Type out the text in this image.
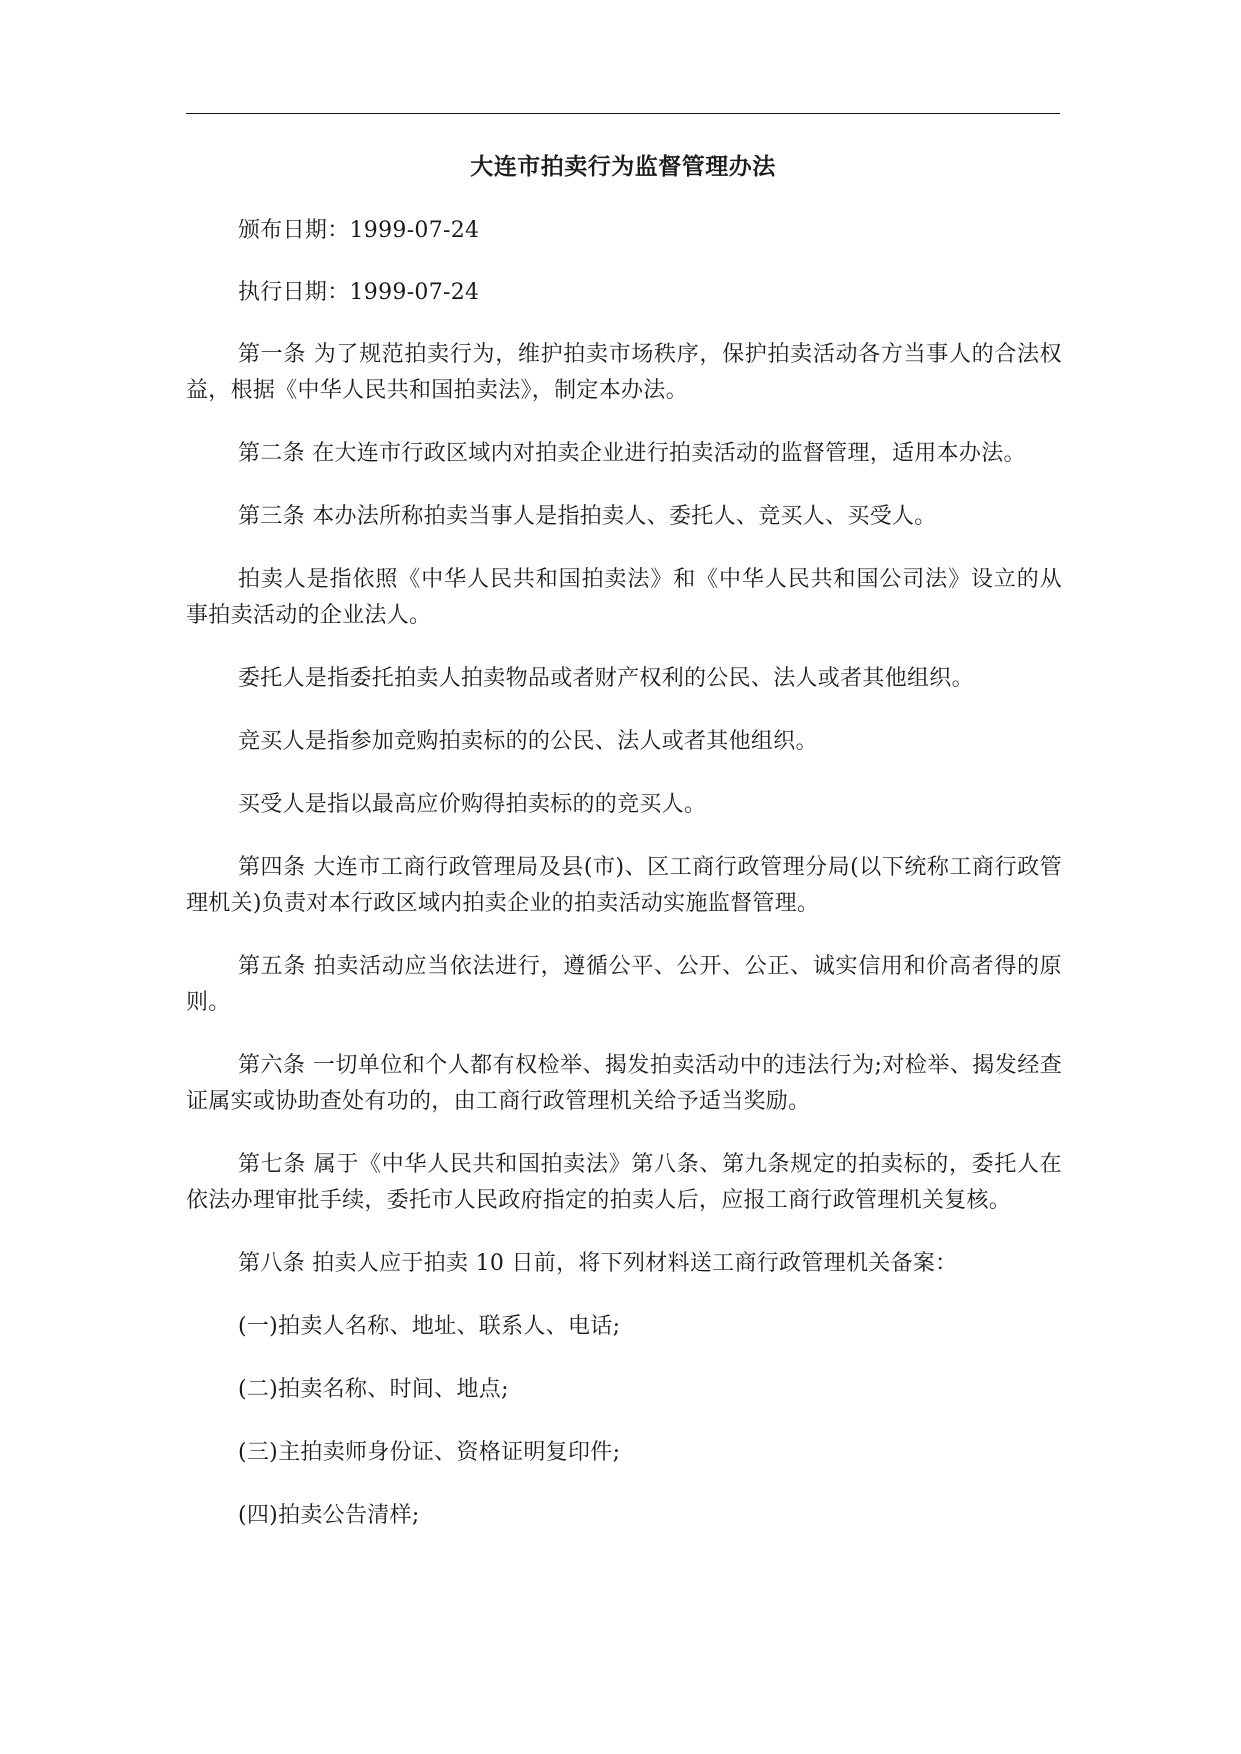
大连市拍卖行为监督管理办法

颁布日期：1999-07-24

执行日期：1999-07-24

第一条 为了规范拍卖行为，维护拍卖市场秩序，保护拍卖活动各方当事人的合法权益，根据《中华人民共和国拍卖法》，制定本办法。

第二条 在大连市行政区域内对拍卖企业进行拍卖活动的监督管理，适用本办法。

第三条 本办法所称拍卖当事人是指拍卖人、委托人、竞买人、买受人。

拍卖人是指依照《中华人民共和国拍卖法》和《中华人民共和国公司法》设立的从事拍卖活动的企业法人。

委托人是指委托拍卖人拍卖物品或者财产权利的公民、法人或者其他组织。

竞买人是指参加竞购拍卖标的的公民、法人或者其他组织。

买受人是指以最高应价购得拍卖标的的竞买人。

第四条 大连市工商行政管理局及县(市)、区工商行政管理分局(以下统称工商行政管理机关)负责对本行政区域内拍卖企业的拍卖活动实施监督管理。

第五条 拍卖活动应当依法进行，遵循公平、公开、公正、诚实信用和价高者得的原则。

第六条 一切单位和个人都有权检举、揭发拍卖活动中的违法行为;对检举、揭发经查证属实或协助查处有功的，由工商行政管理机关给予适当奖励。

第七条 属于《中华人民共和国拍卖法》第八条、第九条规定的拍卖标的，委托人在依法办理审批手续，委托市人民政府指定的拍卖人后，应报工商行政管理机关复核。

第八条 拍卖人应于拍卖 10 日前，将下列材料送工商行政管理机关备案：

(一)拍卖人名称、地址、联系人、电话;

(二)拍卖名称、时间、地点;

(三)主拍卖师身份证、资格证明复印件;

(四)拍卖公告清样;
